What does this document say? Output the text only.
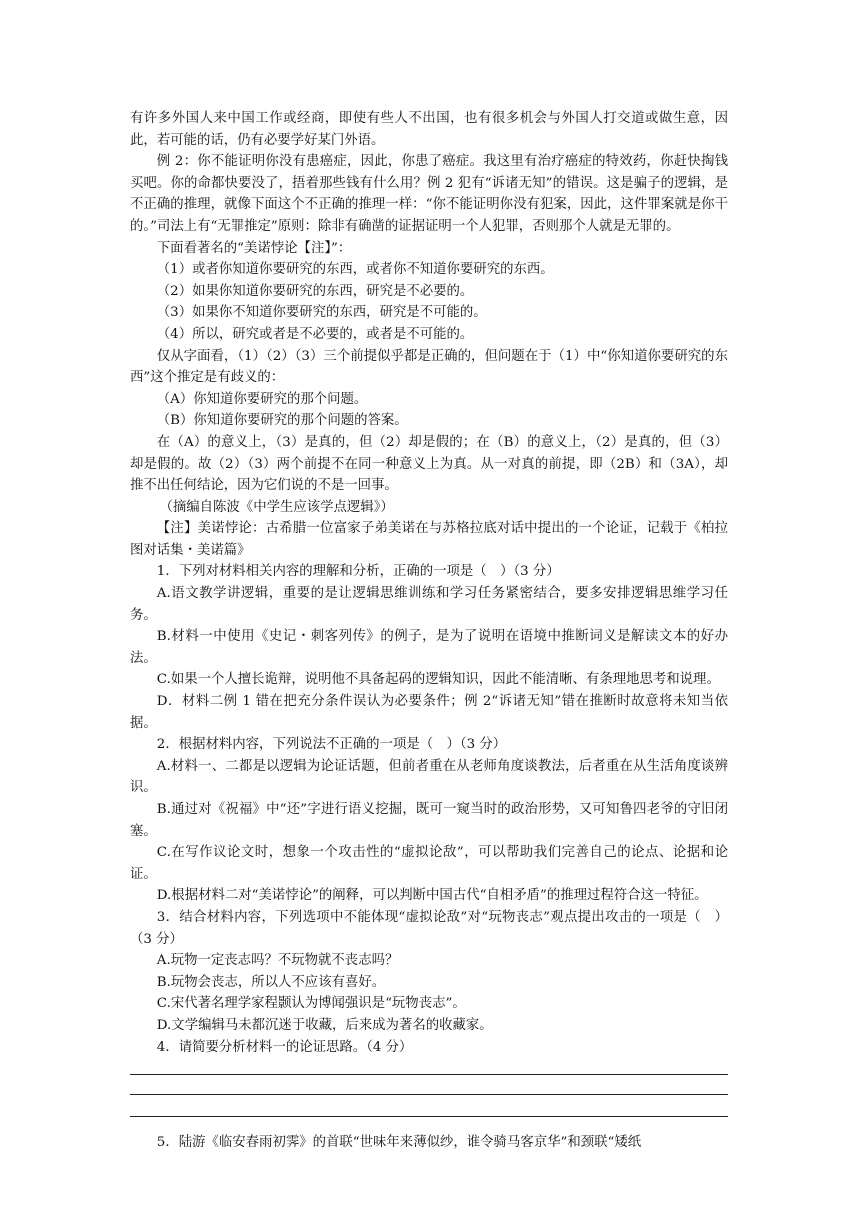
有许多外国人来中国工作或经商，即使有些人不出国，也有很多机会与外国人打交道或做生意，因此，若可能的话，仍有必要学好某门外语。

例 2：你不能证明你没有患癌症，因此，你患了癌症。我这里有治疗癌症的特效药，你赶快掏钱买吧。你的命都快要没了，捂着那些钱有什么用？例 2 犯有“诉诸无知”的错误。这是骗子的逻辑，是不正确的推理，就像下面这个不正确的推理一样：“你不能证明你没有犯案，因此，这件罪案就是你干的。”司法上有“无罪推定”原则：除非有确凿的证据证明一个人犯罪，否则那个人就是无罪的。

下面看著名的“美诺悖论【注】”：

（1）或者你知道你要研究的东西，或者你不知道你要研究的东西。

（2）如果你知道你要研究的东西，研究是不必要的。

（3）如果你不知道你要研究的东西，研究是不可能的。

（4）所以，研究或者是不必要的，或者是不可能的。

仅从字面看，（1）（2）（3）三个前提似乎都是正确的，但问题在于（1）中“你知道你要研究的东西”这个推定是有歧义的：

（A）你知道你要研究的那个问题。

（B）你知道你要研究的那个问题的答案。

在（A）的意义上，（3）是真的，但（2）却是假的；在（B）的意义上，（2）是真的，但（3）却是假的。故（2）（3）两个前提不在同一种意义上为真。从一对真的前提，即（2B）和（3A），却推不出任何结论，因为它们说的不是一回事。

（摘编自陈波《中学生应该学点逻辑》）

【注】美诺悖论：古希腊一位富家子弟美诺在与苏格拉底对话中提出的一个论证，记载于《柏拉图对话集・美诺篇》

1．下列对材料相关内容的理解和分析，正确的一项是（　）（3 分）

A.语文教学讲逻辑，重要的是让逻辑思维训练和学习任务紧密结合，要多安排逻辑思维学习任务。

B.材料一中使用《史记・刺客列传》的例子，是为了说明在语境中推断词义是解读文本的好办法。

C.如果一个人擅长诡辩，说明他不具备起码的逻辑知识，因此不能清晰、有条理地思考和说理。

D．材料二例 1 错在把充分条件误认为必要条件；例 2“诉诸无知”错在推断时故意将未知当依据。

2．根据材料内容，下列说法不正确的一项是（　）（3 分）

A.材料一、二都是以逻辑为论证话题，但前者重在从老师角度谈教法，后者重在从生活角度谈辨识。

B.通过对《祝福》中“还”字进行语义挖掘，既可一窥当时的政治形势，又可知鲁四老爷的守旧闭塞。

C.在写作议论文时，想象一个攻击性的“虚拟论敌”，可以帮助我们完善自己的论点、论据和论证。

D.根据材料二对“美诺悖论”的阐释，可以判断中国古代“自相矛盾”的推理过程符合这一特征。

3．结合材料内容，下列选项中不能体现“虚拟论敌”对“玩物丧志”观点提出攻击的一项是（　）（3 分）

A.玩物一定丧志吗？不玩物就不丧志吗？

B.玩物会丧志，所以人不应该有喜好。

C.宋代著名理学家程颢认为博闻强识是“玩物丧志”。

D.文学编辑马未都沉迷于收藏，后来成为著名的收藏家。

4．请简要分析材料一的论证思路。（4 分）

5．陆游《临安春雨初霁》的首联“世味年来薄似纱，谁令骑马客京华”和颈联“矮纸
